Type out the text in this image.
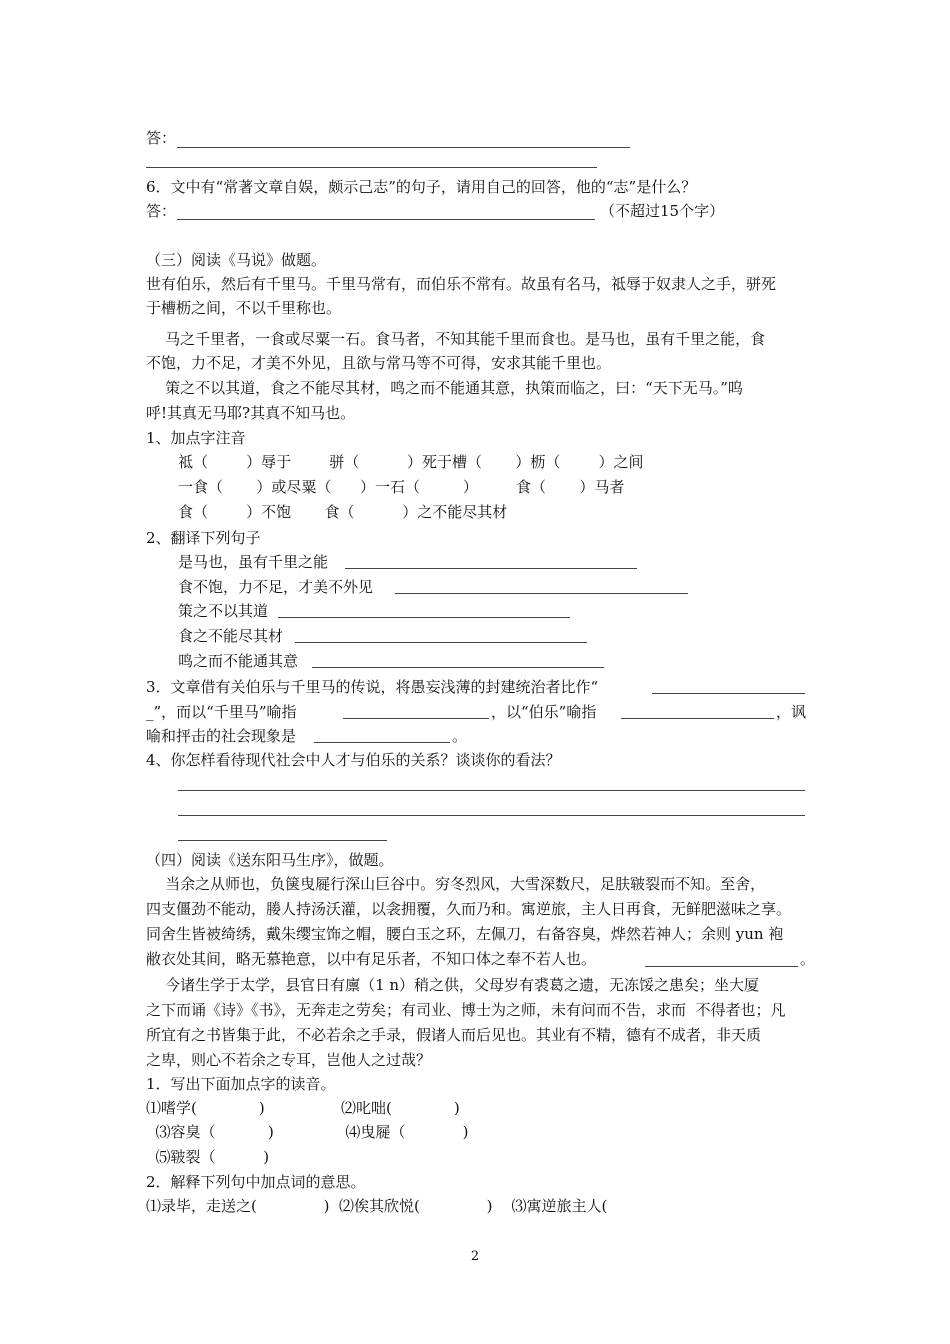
答：
6．文中有“常著文章自娱，颇示己志”的句子，请用自己的回答，他的“志”是什么？
答：	（不超过15个字）
（三）阅读《马说》做题。
世有伯乐，然后有千里马。千里马常有，而伯乐不常有。故虽有名马，祗辱于奴隶人之手，骈死
于槽枥之间，不以千里称也。
马之千里者，一食或尽粟一石。食马者，不知其能千里而食也。是马也，虽有千里之能，食
不饱，力不足，才美不外见，且欲与常马等不可得，安求其能千里也。
策之不以其道，食之不能尽其材，鸣之而不能通其意，执策而临之，曰：“天下无马。”呜
呼!其真无马耶?其真不知马也。
1、加点字注音
祗（        ）辱于        骈（          ）死于槽（       ）枥（        ）之间
一食（       ）或尽粟（      ）一石（         ）        食（       ）马者
食（        ）不饱       食（          ）之不能尽其材
2、翻译下列句子
是马也，虽有千里之能
食不饱，力不足，才美不外见
策之不以其道
食之不能尽其材
鸣之而不能通其意
3．文章借有关伯乐与千里马的传说，将愚妄浅薄的封建统治者比作“
_”，而以“千里马”喻指	，以“伯乐”喻指	，讽
喻和抨击的社会现象是	。
4、你怎样看待现代社会中人才与伯乐的关系？谈谈你的看法？
（四）阅读《送东阳马生序》，做题。
当余之从师也，负箧曳屣行深山巨谷中。穷冬烈风，大雪深数尺，足肤皲裂而不知。至舍，
四支僵劲不能动，媵人持汤沃灌，以衾拥覆，久而乃和。寓逆旅，主人日再食，无鲜肥滋味之享。
同舍生皆被绮绣，戴朱缨宝饰之帽，腰白玉之环，左佩刀，右备容臭，烨然若神人；余则 yun 袍
敝衣处其间，略无慕艳意，以中有足乐者，不知口体之奉不若人也。	。
今诸生学于太学，县官日有廪（1 n）稍之供，父母岁有裘葛之遗，无冻馁之患矣；坐大厦
之下而诵《诗》《书》，无奔走之劳矣；有司业、博士为之师，未有问而不告，求而  不得者也；凡
所宜有之书皆集于此，不必若余之手录，假诸人而后见也。其业有不精，德有不成者，非天质
之卑，则心不若余之专耳，岂他人之过哉？
1．写出下面加点字的读音。
⑴嗜学(             )                ⑵叱咄(             )
⑶容臭（           )               ⑷曳屣（            )
⑸皲裂（          )
2．解释下列句中加点词的意思。
⑴录毕，走送之(              )  ⑵俟其欣悦(              )    ⑶寓逆旅主人(
2
